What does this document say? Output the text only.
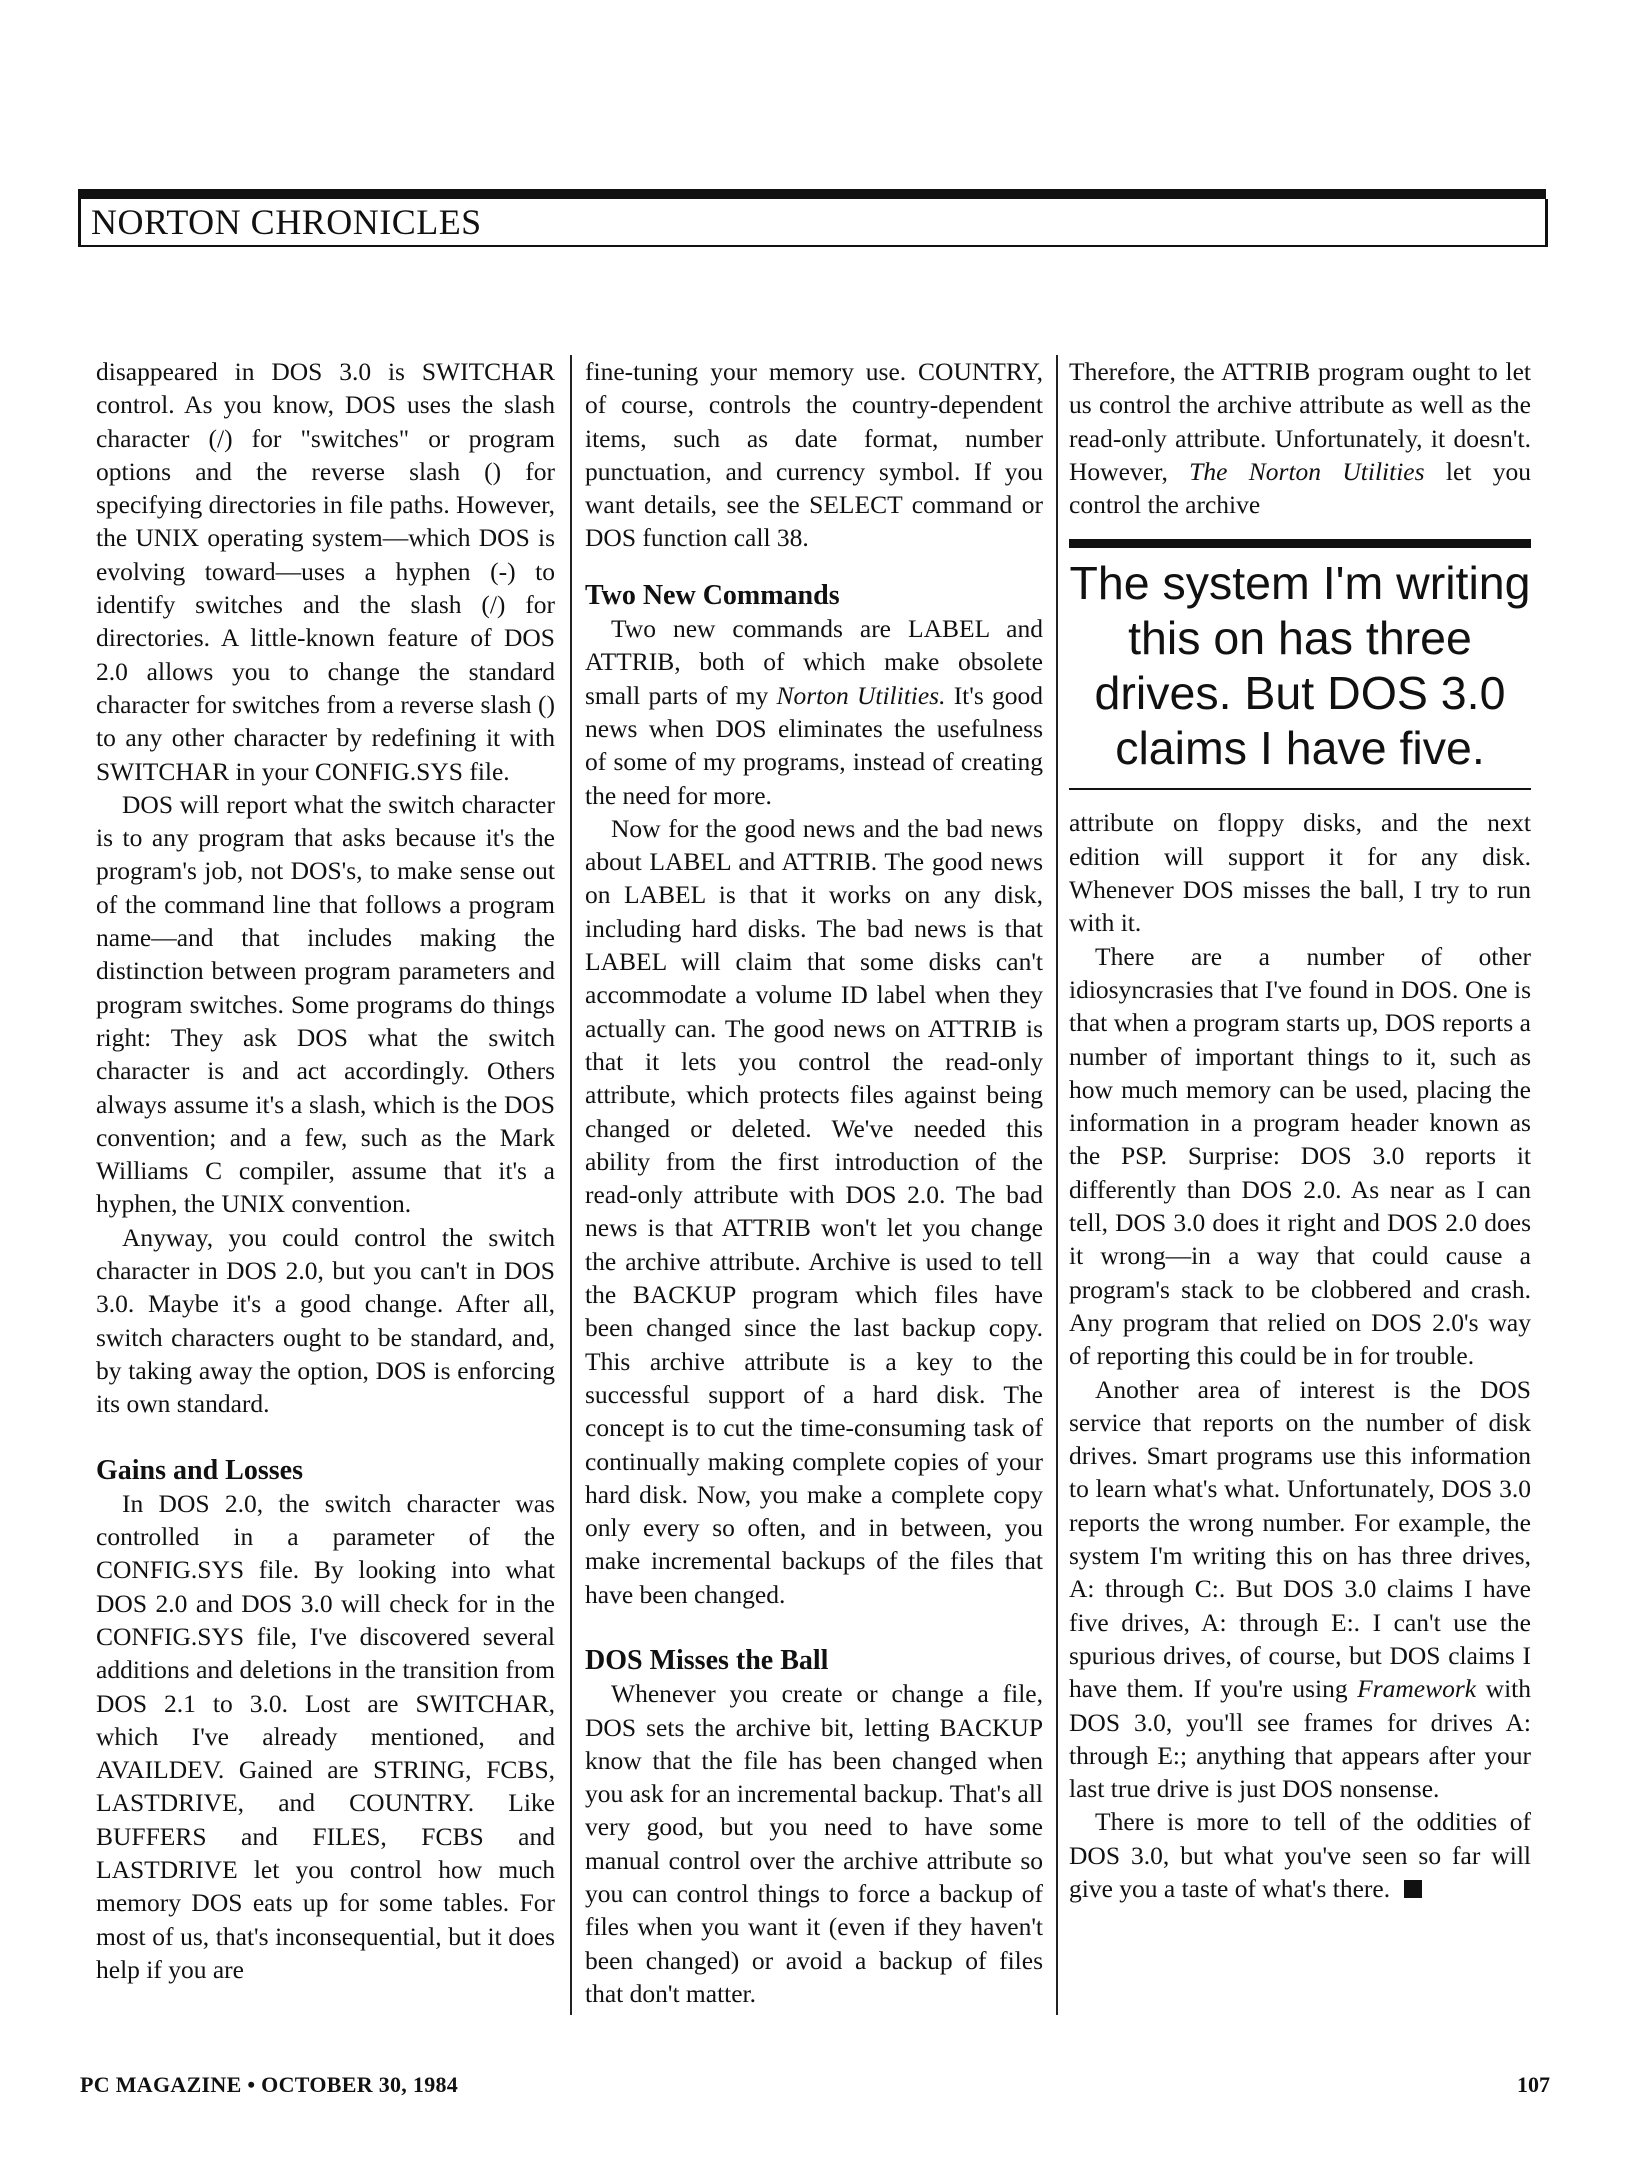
NORTON CHRONICLES

disappeared in DOS 3.0 is SWITCHAR control. As you know, DOS uses the slash character (/) for "switches" or program options and the reverse slash () for specifying directories in file paths. However, the UNIX operating system—which DOS is evolving toward—uses a hyphen (-) to identify switches and the slash (/) for directories. A little-known feature of DOS 2.0 allows you to change the standard character for switches from a reverse slash () to any other character by redefining it with SWITCHAR in your CONFIG.SYS file.

DOS will report what the switch character is to any program that asks because it's the program's job, not DOS's, to make sense out of the command line that follows a program name—and that includes making the distinction between program parameters and program switches. Some programs do things right: They ask DOS what the switch character is and act accordingly. Others always assume it's a slash, which is the DOS convention; and a few, such as the Mark Williams C compiler, assume that it's a hyphen, the UNIX convention.

Anyway, you could control the switch character in DOS 2.0, but you can't in DOS 3.0. Maybe it's a good change. After all, switch characters ought to be standard, and, by taking away the option, DOS is enforcing its own standard.

Gains and Losses

In DOS 2.0, the switch character was controlled in a parameter of the CONFIG.SYS file. By looking into what DOS 2.0 and DOS 3.0 will check for in the CONFIG.SYS file, I've discovered several additions and deletions in the transition from DOS 2.1 to 3.0. Lost are SWITCHAR, which I've already mentioned, and AVAILDEV. Gained are STRING, FCBS, LASTDRIVE, and COUNTRY. Like BUFFERS and FILES, FCBS and LASTDRIVE let you control how much memory DOS eats up for some tables. For most of us, that's inconsequential, but it does help if you are

fine-tuning your memory use. COUNTRY, of course, controls the country-dependent items, such as date format, number punctuation, and currency symbol. If you want details, see the SELECT command or DOS function call 38.

Two New Commands

Two new commands are LABEL and ATTRIB, both of which make obsolete small parts of my Norton Utilities. It's good news when DOS eliminates the usefulness of some of my programs, instead of creating the need for more.

Now for the good news and the bad news about LABEL and ATTRIB. The good news on LABEL is that it works on any disk, including hard disks. The bad news is that LABEL will claim that some disks can't accommodate a volume ID label when they actually can. The good news on ATTRIB is that it lets you control the read-only attribute, which protects files against being changed or deleted. We've needed this ability from the first introduction of the read-only attribute with DOS 2.0. The bad news is that ATTRIB won't let you change the archive attribute. Archive is used to tell the BACKUP program which files have been changed since the last backup copy. This archive attribute is a key to the successful support of a hard disk. The concept is to cut the time-consuming task of continually making complete copies of your hard disk. Now, you make a complete copy only every so often, and in between, you make incremental backups of the files that have been changed.

DOS Misses the Ball

Whenever you create or change a file, DOS sets the archive bit, letting BACKUP know that the file has been changed when you ask for an incremental backup. That's all very good, but you need to have some manual control over the archive attribute so you can control things to force a backup of files when you want it (even if they haven't been changed) or avoid a backup of files that don't matter.

Therefore, the ATTRIB program ought to let us control the archive attribute as well as the read-only attribute. Unfortunately, it doesn't. However, The Norton Utilities let you control the archive

The system I'm writing this on has three drives. But DOS 3.0 claims I have five.

attribute on floppy disks, and the next edition will support it for any disk. Whenever DOS misses the ball, I try to run with it.

There are a number of other idiosyncrasies that I've found in DOS. One is that when a program starts up, DOS reports a number of important things to it, such as how much memory can be used, placing the information in a program header known as the PSP. Surprise: DOS 3.0 reports it differently than DOS 2.0. As near as I can tell, DOS 3.0 does it right and DOS 2.0 does it wrong—in a way that could cause a program's stack to be clobbered and crash. Any program that relied on DOS 2.0's way of reporting this could be in for trouble.

Another area of interest is the DOS service that reports on the number of disk drives. Smart programs use this information to learn what's what. Unfortunately, DOS 3.0 reports the wrong number. For example, the system I'm writing this on has three drives, A: through C:. But DOS 3.0 claims I have five drives, A: through E:. I can't use the spurious drives, of course, but DOS claims I have them. If you're using Framework with DOS 3.0, you'll see frames for drives A: through E:; anything that appears after your last true drive is just DOS nonsense.

There is more to tell of the oddities of DOS 3.0, but what you've seen so far will give you a taste of what's there.

PC MAGAZINE • OCTOBER 30, 1984	107
